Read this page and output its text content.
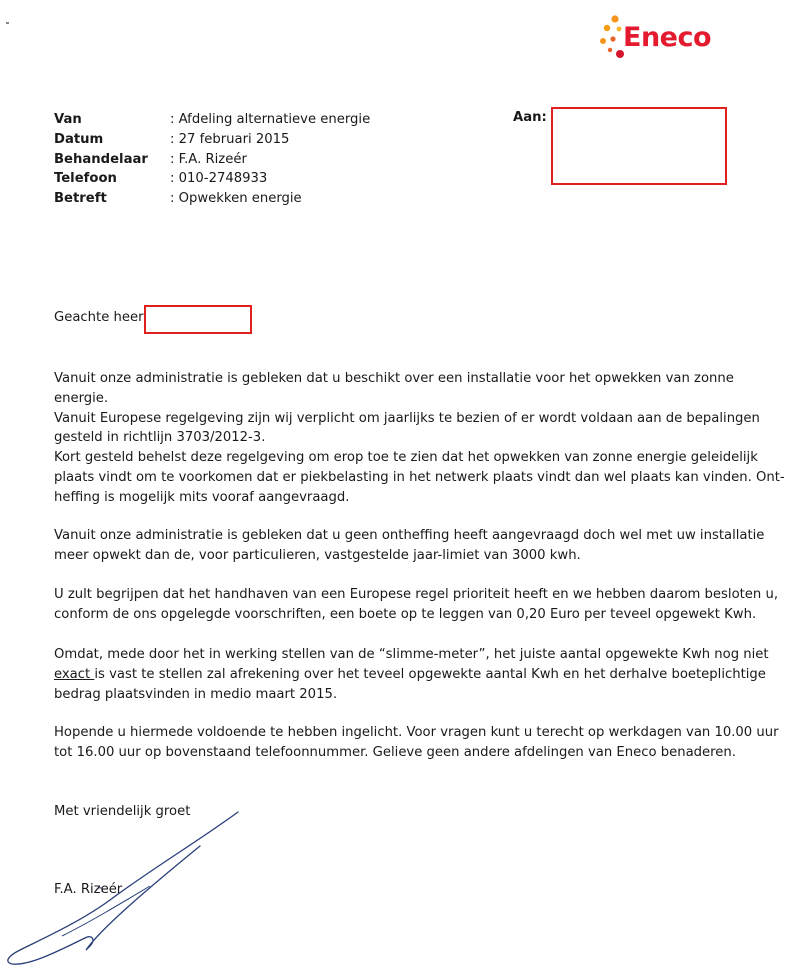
Eneco
Van	: Afdeling alternatieve energie
Datum	: 27 februari 2015
Behandelaar	: F.A. Rizeér
Telefoon	: 010-2748933
Betreft	: Opwekken energie
Aan:
Geachte heer

Vanuit onze administratie is gebleken dat u beschikt over een installatie voor het opwekken van zonne energie.

Vanuit Europese regelgeving zijn wij verplicht om jaarlijks te bezien of er wordt voldaan aan de bepalingen

gesteld in richtlijn 3703/2012-3.

Kort gesteld behelst deze regelgeving om erop toe te zien dat het opwekken van zonne energie geleidelijk

plaats vindt om te voorkomen dat er piekbelasting in het netwerk plaats vindt dan wel plaats kan vinden. Ont-

heffing is mogelijk mits vooraf aangevraagd.

Vanuit onze administratie is gebleken dat u geen ontheffing heeft aangevraagd doch wel met uw installatie

meer opwekt dan de, voor particulieren, vastgestelde jaar-limiet van 3000 kwh.

U zult begrijpen dat het handhaven van een Europese regel prioriteit heeft en we hebben daarom besloten u,

conform de ons opgelegde voorschriften, een boete op te leggen van 0,20 Euro per teveel opgewekt Kwh.

Omdat, mede door het in werking stellen van de “slimme-meter”, het juiste aantal opgewekte Kwh nog niet

exact is vast te stellen zal afrekening over het teveel opgewekte aantal Kwh en het derhalve boeteplichtige

bedrag plaatsvinden in medio maart 2015.

Hopende u hiermede voldoende te hebben ingelicht. Voor vragen kunt u terecht op werkdagen van 10.00 uur

tot 16.00 uur op bovenstaand telefoonnummer. Gelieve geen andere afdelingen van Eneco benaderen.

Met vriendelijk groet
F.A. Rizeér
